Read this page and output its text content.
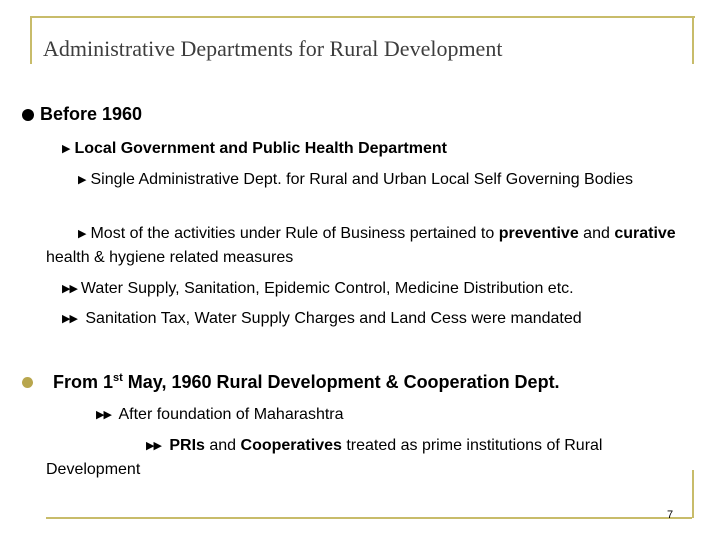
Administrative Departments for Rural Development
Before 1960
▶ Local Government and Public Health Department
▶ Single Administrative Dept. for Rural and Urban Local Self Governing Bodies
▶ Most of the activities under Rule of Business pertained to preventive and curative health & hygiene related measures
▶▶ Water Supply, Sanitation, Epidemic Control, Medicine Distribution etc.
▶▶ Sanitation Tax, Water Supply Charges and Land Cess were mandated
From 1st May, 1960 Rural Development & Cooperation Dept.
▶▶ After foundation of Maharashtra
▶▶ PRIs and Cooperatives treated as prime institutions of Rural Development
7
